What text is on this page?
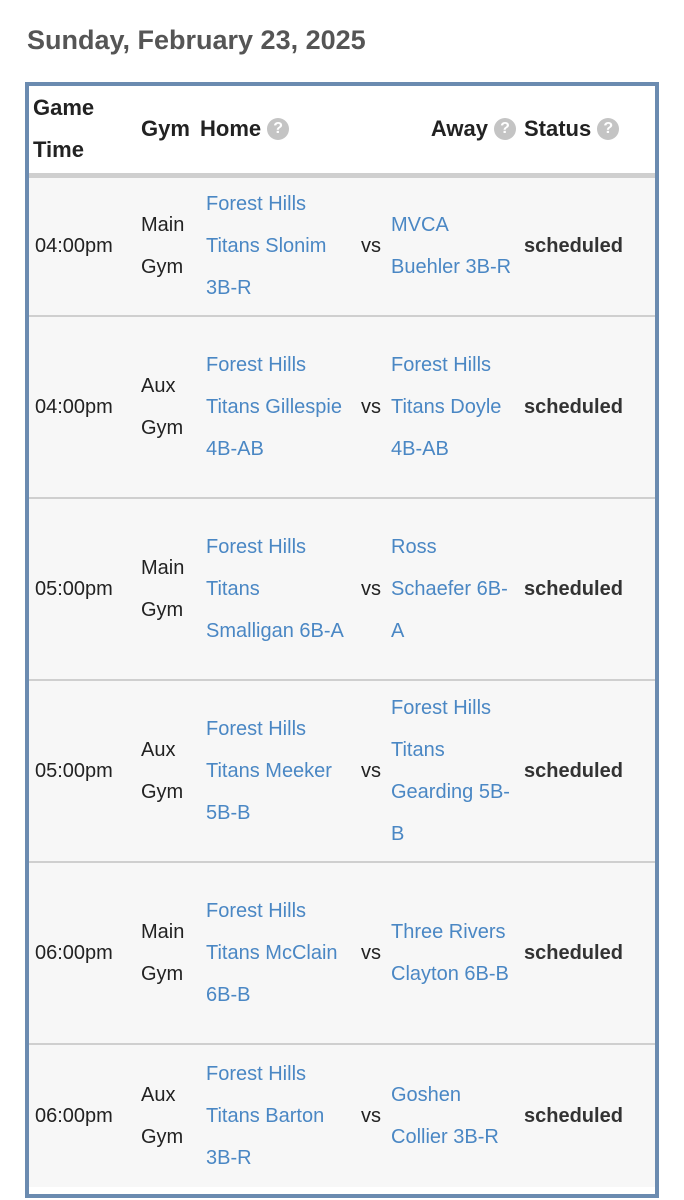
Sunday, February 23, 2025
Game Time	Gym	Home ?		Away ?	Status ?
04:00pm	Main Gym	Forest Hills Titans Slonim 3B-R	vs	MVCA Buehler 3B-R	scheduled
04:00pm	Aux Gym	Forest Hills Titans Gillespie 4B-AB	vs	Forest Hills Titans Doyle 4B-AB	scheduled
05:00pm	Main Gym	Forest Hills Titans Smalligan 6B-A	vs	Ross Schaefer 6B-A	scheduled
05:00pm	Aux Gym	Forest Hills Titans Meeker 5B-B	vs	Forest Hills Titans Gearding 5B-B	scheduled
06:00pm	Main Gym	Forest Hills Titans McClain 6B-B	vs	Three Rivers Clayton 6B-B	scheduled
06:00pm	Aux Gym	Forest Hills Titans Barton 3B-R	vs	Goshen Collier 3B-R	scheduled
